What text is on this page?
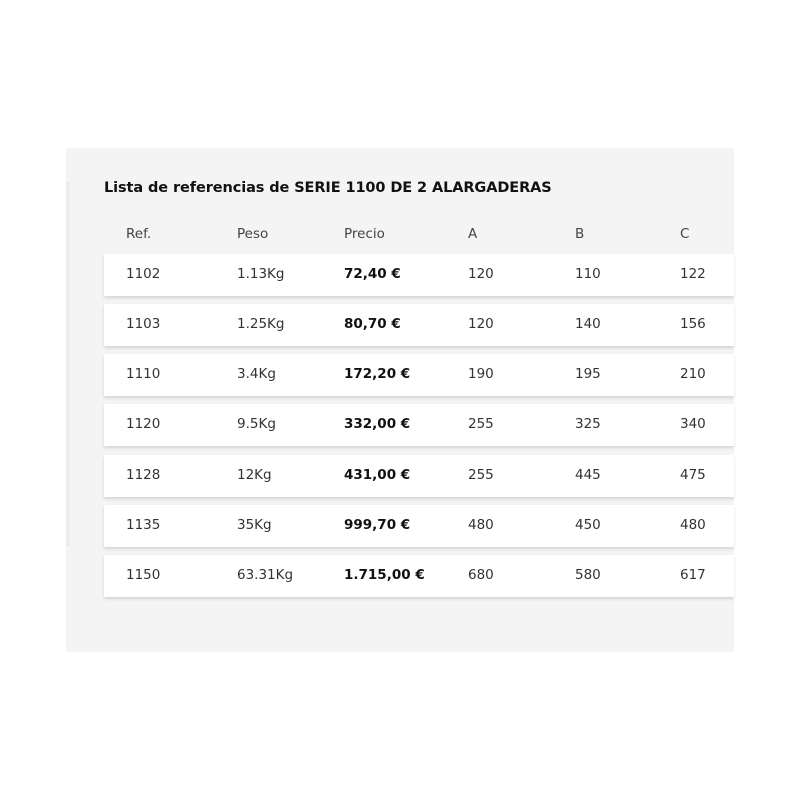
Lista de referencias de SERIE 1100 DE 2 ALARGADERAS
Ref.	Peso	Precio	A	B	C
1102	1.13Kg	72,40 €	120	110	122
1103	1.25Kg	80,70 €	120	140	156
1110	3.4Kg	172,20 €	190	195	210
1120	9.5Kg	332,00 €	255	325	340
1128	12Kg	431,00 €	255	445	475
1135	35Kg	999,70 €	480	450	480
1150	63.31Kg	1.715,00 €	680	580	617
